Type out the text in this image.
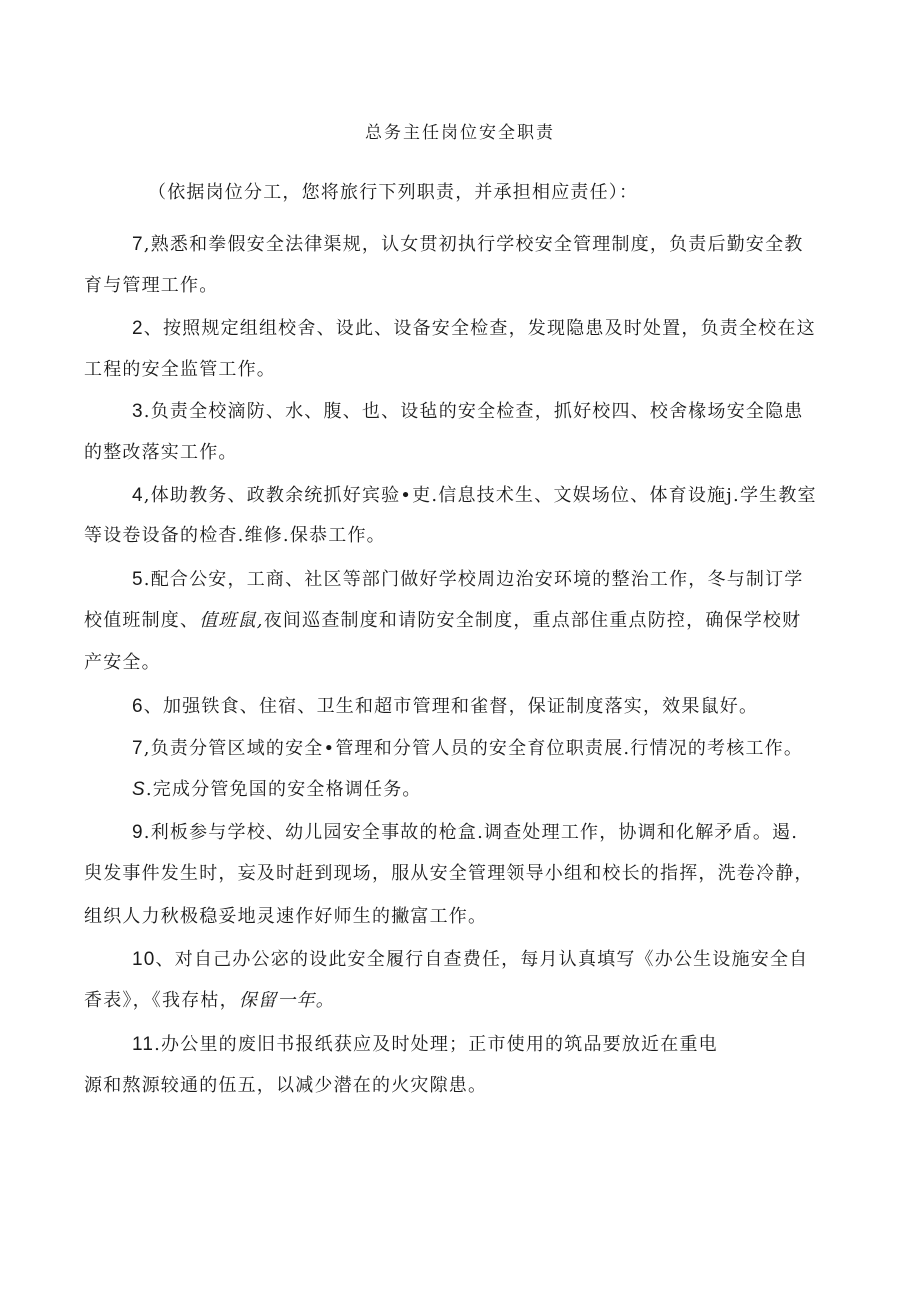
总务主任岗位安全职责
（依据岗位分工，您将旅行下列职责，并承担相应责任）：
7,熟悉和拳假安全法律渠规，认女贯初执行学校安全管理制度，负责后勤安全教
育与管理工作。
2、按照规定组组校舍、设此、设备安全检查，发现隐患及时处置，负责全校在这
工程的安全监管工作。
3.负责全校滴防、水、腹、也、设毡的安全检查，抓好校四、校舍椽场安全隐患
的整改落实工作。
4,体助教务、政教余统抓好宾验•吏.信息技术生、文娱场位、体育设施j.学生教室
等设卷设备的检杳.维修.保恭工作。
5.配合公安，工商、社区等部门做好学校周边治安环境的整治工作，冬与制订学
校值班制度、值班鼠,夜间巡查制度和请防安全制度，重点部住重点防控，确保学校财
产安全。
6、加强铁食、住宿、卫生和超市管理和雀督，保证制度落实，效果鼠好。
7,负责分管区域的安全•管理和分管人员的安全育位职责展.行情况的考核工作。
S.完成分管免国的安全格调任务。
9.利板参与学校、幼儿园安全事故的枪盒.调查处理工作，协调和化解矛盾。遏.
臾发事件发生时，妄及时赶到现场，服从安全管理领导小组和校长的指挥，洗卷冷静，
组织人力秋极稳妥地灵速作好师生的撇富工作。
10、对自己办公宓的设此安全履行自查费任，每月认真填写《办公生设施安全自
香表》，《我存枯，保留一年。
11.办公里的废旧书报纸获应及时处理；正市使用的筑品要放近在重电
源和熬源较通的伍五，以减少潜在的火灾隙患。
